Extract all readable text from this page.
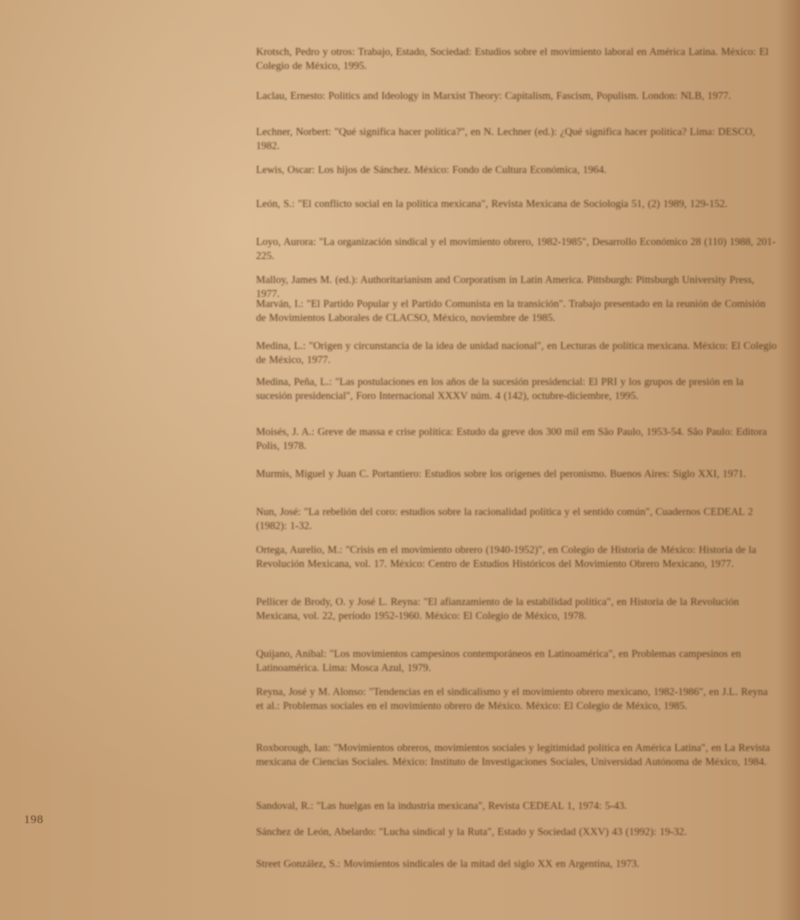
198
Krotsch, Pedro y otros: Trabajo, Estado, Sociedad: Estudios sobre el movimiento laboral en América Latina. México: El Colegio de México, 1995.
Laclau, Ernesto: Politics and Ideology in Marxist Theory: Capitalism, Fascism, Populism. London: NLB, 1977.
Lechner, Norbert: "Qué significa hacer política?", en N. Lechner (ed.): ¿Qué significa hacer política? Lima: DESCO, 1982.
Lewis, Oscar: Los hijos de Sánchez. México: Fondo de Cultura Económica, 1964.
León, S.: "El conflicto social en la política mexicana", Revista Mexicana de Sociología 51, (2) 1989, 129-152.
Loyo, Aurora: "La organización sindical y el movimiento obrero, 1982-1985", Desarrollo Económico 28 (110) 1988, 201-225.
Malloy, James M. (ed.): Authoritarianism and Corporatism in Latin America. Pittsburgh: Pittsburgh University Press, 1977.
Marván, I.: "El Partido Popular y el Partido Comunista en la transición". Trabajo presentado en la reunión de Comisión de Movimientos Laborales de CLACSO, México, noviembre de 1985.
Medina, L.: "Origen y circunstancia de la idea de unidad nacional", en Lecturas de política mexicana. México: El Colegio de México, 1977.
Medina, Peña, L.: "Las postulaciones en los años de la sucesión presidencial: El PRI y los grupos de presión en la sucesión presidencial", Foro Internacional XXXV núm. 4 (142), octubre-diciembre, 1995.
Moisés, J. A.: Greve de massa e crise política: Estudo da greve dos 300 mil em São Paulo, 1953-54. São Paulo: Editora Polis, 1978.
Murmis, Miguel y Juan C. Portantiero: Estudios sobre los orígenes del peronismo. Buenos Aires: Siglo XXI, 1971.
Nun, José: "La rebelión del coro: estudios sobre la racionalidad política y el sentido común", Cuadernos CEDEAL 2 (1982): 1-32.
Ortega, Aurelio, M.: "Crisis en el movimiento obrero (1940-1952)", en Colegio de Historia de México: Historia de la Revolución Mexicana, vol. 17. México: Centro de Estudios Históricos del Movimiento Obrero Mexicano, 1977.
Pellicer de Brody, O. y José L. Reyna: "El afianzamiento de la estabilidad política", en Historia de la Revolución Mexicana, vol. 22, período 1952-1960. México: El Colegio de México, 1978.
Quijano, Aníbal: "Los movimientos campesinos contemporáneos en Latinoamérica", en Problemas campesinos en Latinoamérica. Lima: Mosca Azul, 1979.
Reyna, José y M. Alonso: "Tendencias en el sindicalismo y el movimiento obrero mexicano, 1982-1986", en J.L. Reyna et al.: Problemas sociales en el movimiento obrero de México. México: El Colegio de México, 1985.
Roxborough, Ian: "Movimientos obreros, movimientos sociales y legitimidad política en América Latina", en La Revista mexicana de Ciencias Sociales. México: Instituto de Investigaciones Sociales, Universidad Autónoma de México, 1984.
Sandoval, R.: "Las huelgas en la industria mexicana", Revista CEDEAL 1, 1974: 5-43.
Sánchez de León, Abelardo: "Lucha sindical y la Ruta", Estado y Sociedad (XXV) 43 (1992): 19-32.
Street González, S.: Movimientos sindicales de la mitad del siglo XX en Argentina, 1973.
